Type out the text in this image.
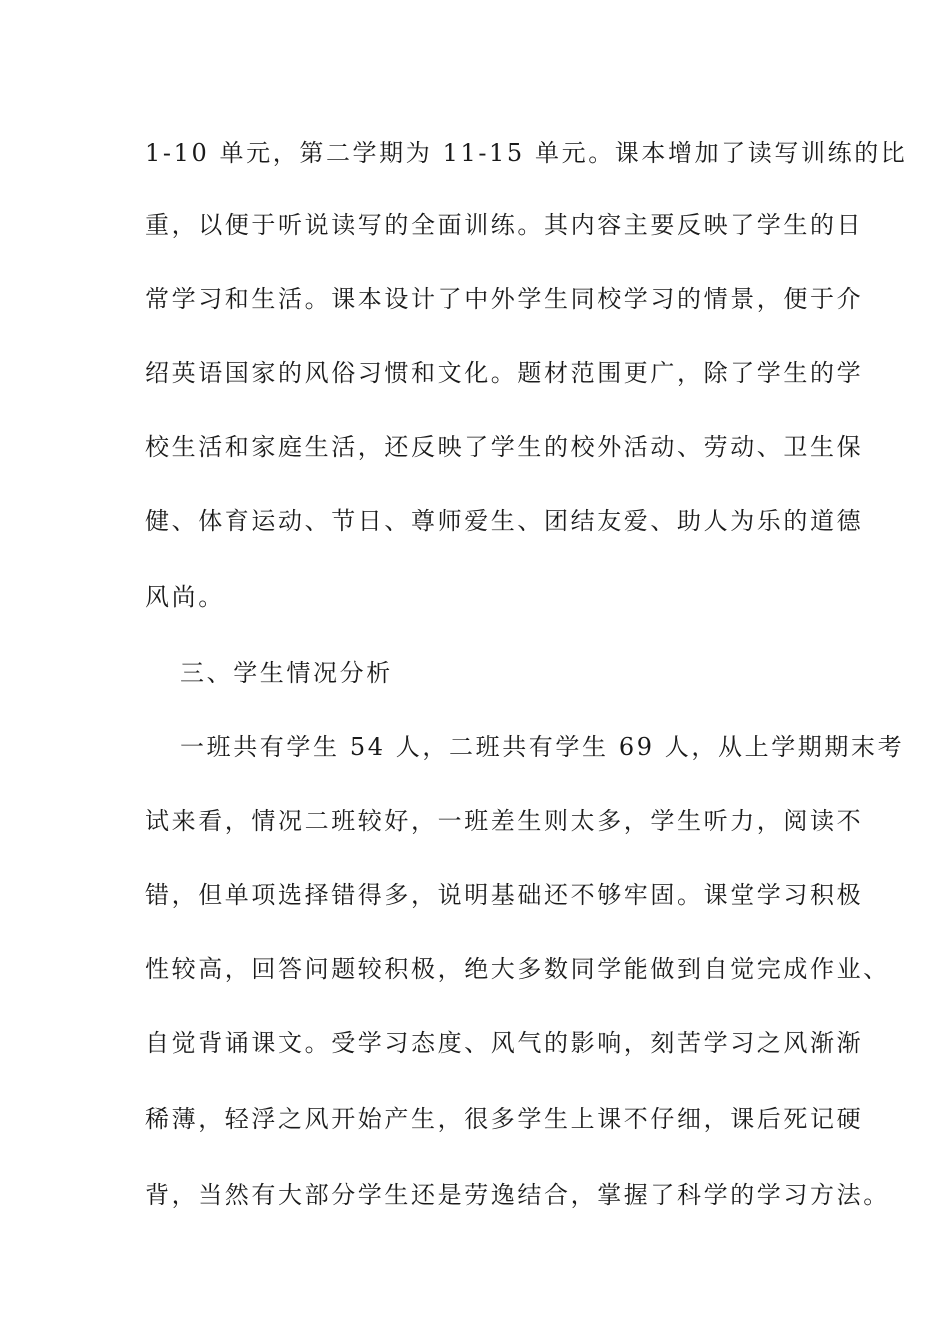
1-10 单元，第二学期为 11-15 单元。课本增加了读写训练的比
重，以便于听说读写的全面训练。其内容主要反映了学生的日
常学习和生活。课本设计了中外学生同校学习的情景，便于介
绍英语国家的风俗习惯和文化。题材范围更广，除了学生的学
校生活和家庭生活，还反映了学生的校外活动、劳动、卫生保
健、体育运动、节日、尊师爱生、团结友爱、助人为乐的道德
风尚。
三、学生情况分析
一班共有学生 54 人，二班共有学生 69 人，从上学期期末考
试来看，情况二班较好，一班差生则太多，学生听力，阅读不
错，但单项选择错得多，说明基础还不够牢固。课堂学习积极
性较高，回答问题较积极，绝大多数同学能做到自觉完成作业、
自觉背诵课文。受学习态度、风气的影响，刻苦学习之风渐渐
稀薄，轻浮之风开始产生，很多学生上课不仔细，课后死记硬
背，当然有大部分学生还是劳逸结合，掌握了科学的学习方法。
